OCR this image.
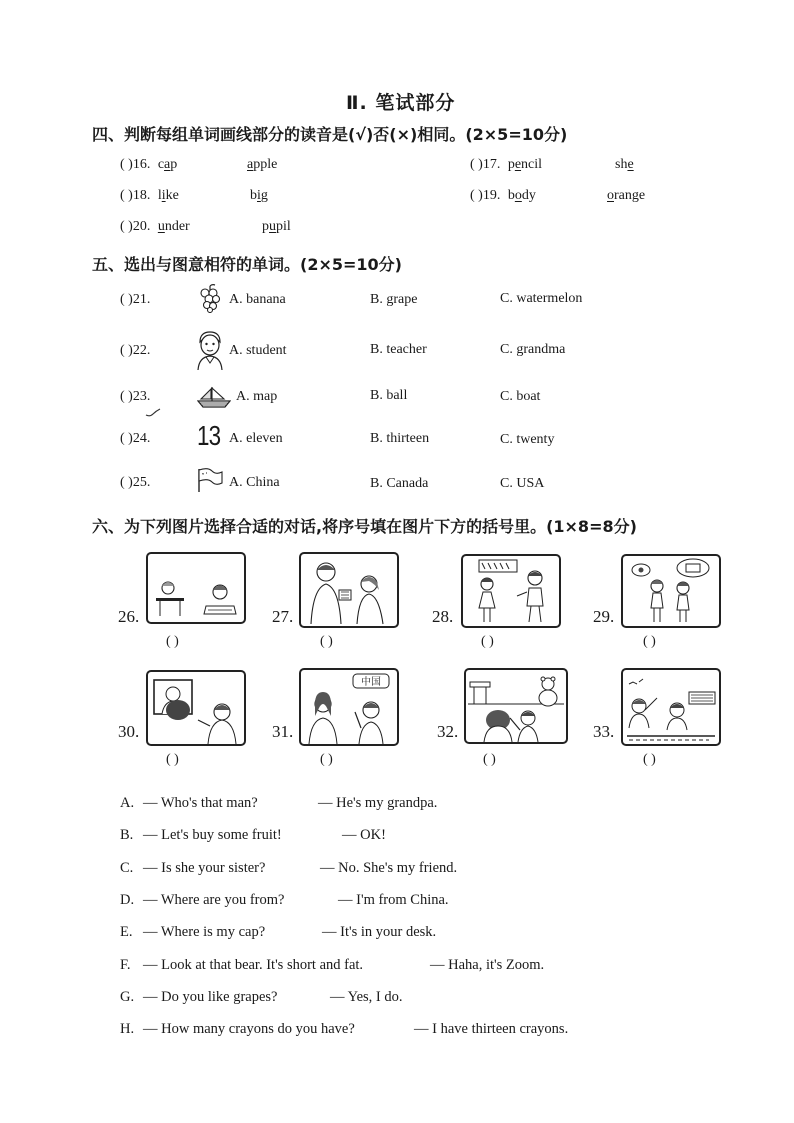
Ⅱ. 笔试部分
四、判断每组单词画线部分的读音是(√)否(×)相同。(2×5=10分)
( )16. cap	apple	( )17. pencil	she
( )18. like	big	( )19. body	orange
( )20. under	pupil
五、选出与图意相符的单词。(2×5=10分)
( )21.	A. banana	B. grape	C. watermelon
( )22.	A. student	B. teacher	C. grandma
( )23.	A. map	B. ball	C. boat
( )24. 13 A. eleven	B. thirteen	C. twenty
( )25.	A. China	B. Canada	C. USA
六、为下列图片选择合适的对话,将序号填在图片下方的括号里。(1×8=8分)
26.
( )
27.
( )
28.
( )
29.
( )
30.
( )
31.
中国
( )
32.
( )
33.
( )
A. — Who's that man?	— He's my grandpa.
B. — Let's buy some fruit!	— OK!
C. — Is she your sister?	— No. She's my friend.
D. — Where are you from?	— I'm from China.
E. — Where is my cap?	— It's in your desk.
F. — Look at that bear. It's short and fat.	— Haha, it's Zoom.
G. — Do you like grapes?	— Yes, I do.
H. — How many crayons do you have?	— I have thirteen crayons.
